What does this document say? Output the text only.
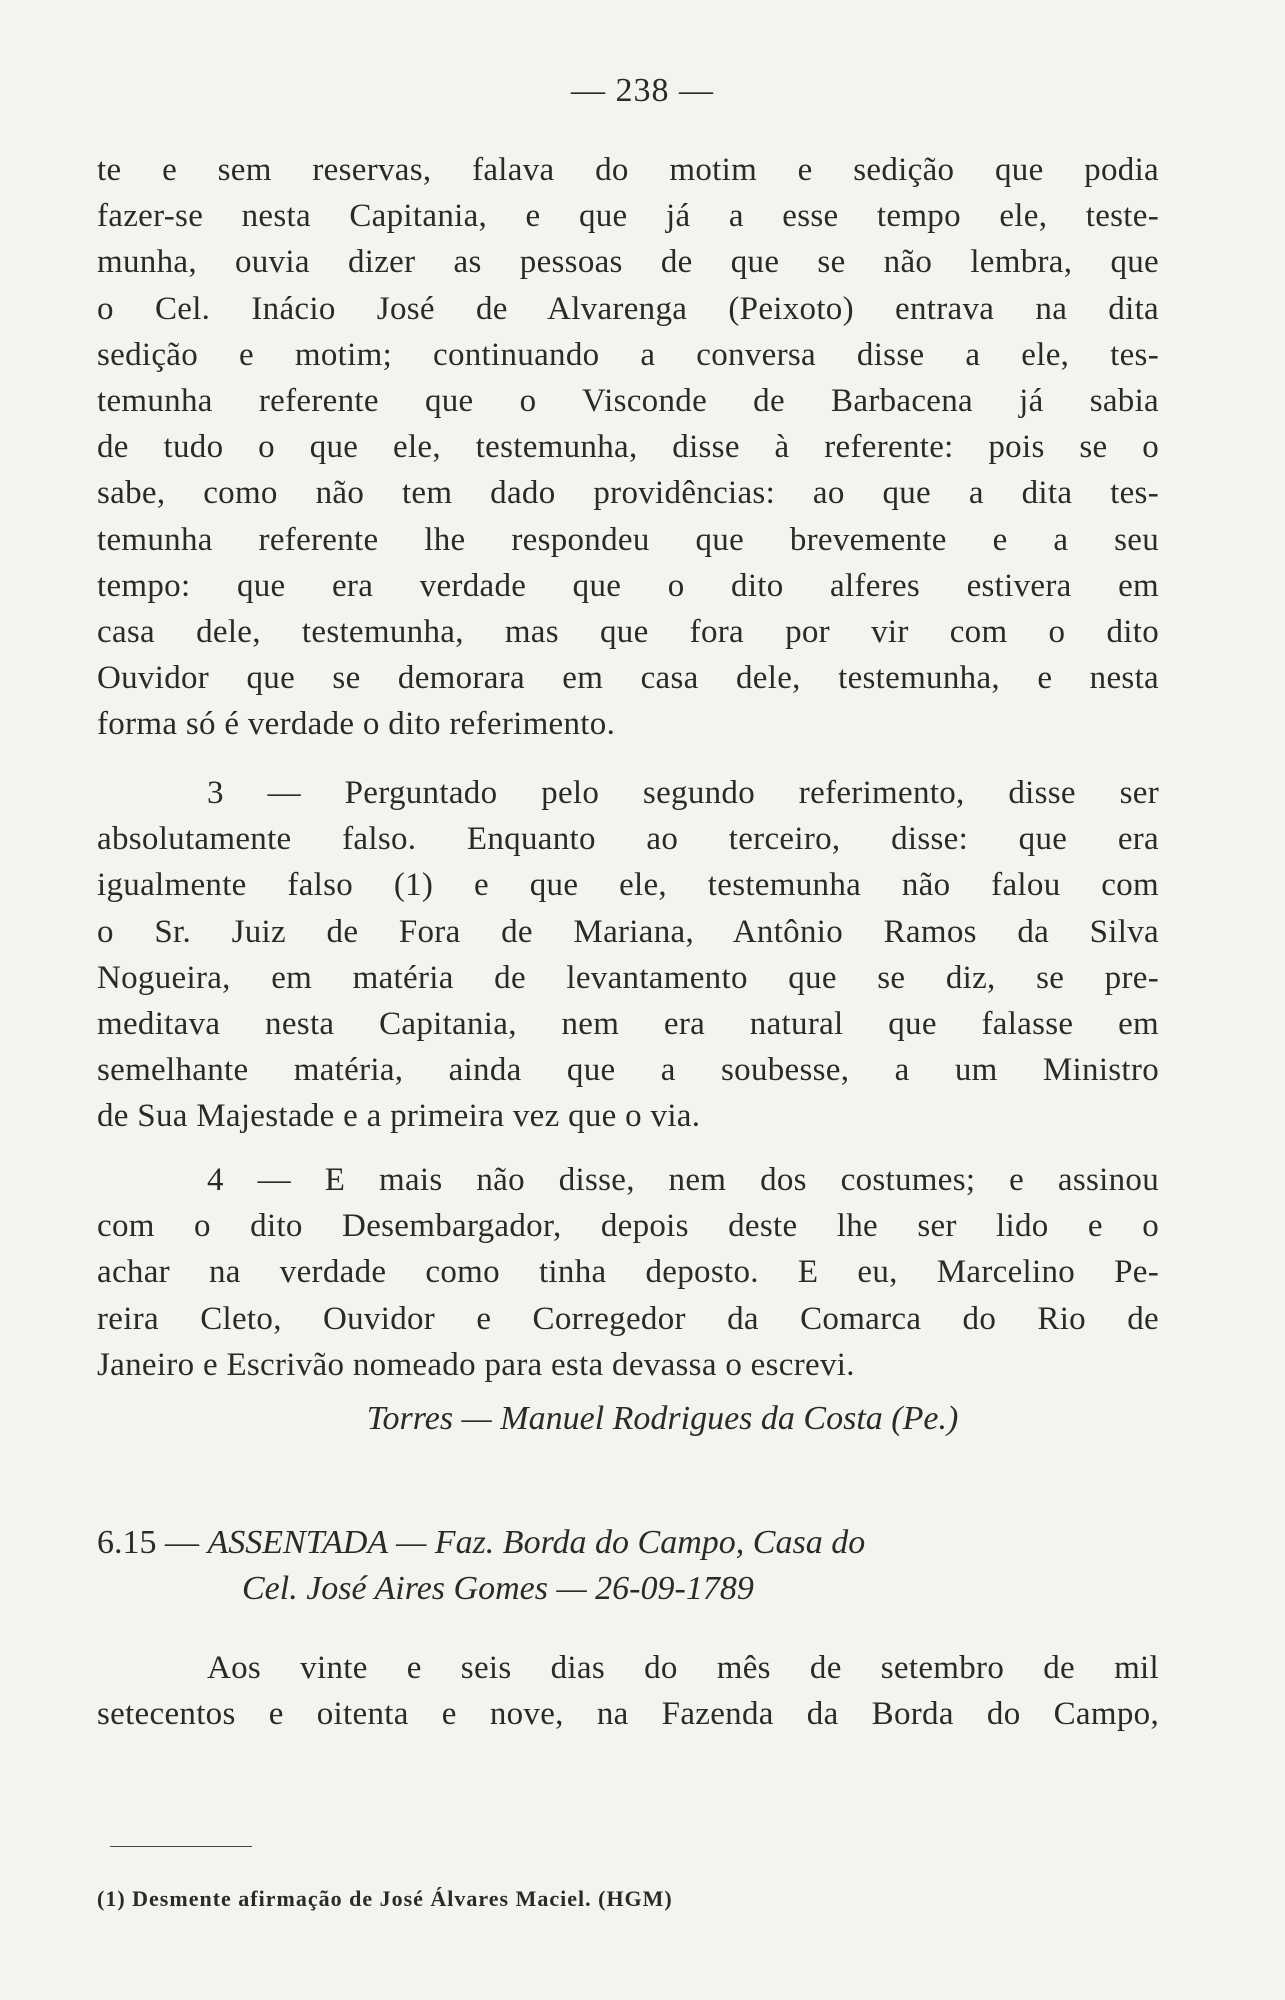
— 238 —
te e sem reservas, falava do motim e sedição que podia
fazer-se nesta Capitania, e que já a esse tempo ele, teste-
munha, ouvia dizer as pessoas de que se não lembra, que
o Cel. Inácio José de Alvarenga (Peixoto) entrava na dita
sedição e motim; continuando a conversa disse a ele, tes-
temunha referente que o Visconde de Barbacena já sabia
de tudo o que ele, testemunha, disse à referente: pois se o
sabe, como não tem dado providências: ao que a dita tes-
temunha referente lhe respondeu que brevemente e a seu
tempo: que era verdade que o dito alferes estivera em
casa dele, testemunha, mas que fora por vir com o dito
Ouvidor que se demorara em casa dele, testemunha, e nesta
forma só é verdade o dito referimento.
3 — Perguntado pelo segundo referimento, disse ser
absolutamente falso. Enquanto ao terceiro, disse: que era
igualmente falso (1) e que ele, testemunha não falou com
o Sr. Juiz de Fora de Mariana, Antônio Ramos da Silva
Nogueira, em matéria de levantamento que se diz, se pre-
meditava nesta Capitania, nem era natural que falasse em
semelhante matéria, ainda que a soubesse, a um Ministro
de Sua Majestade e a primeira vez que o via.
4 — E mais não disse, nem dos costumes; e assinou
com o dito Desembargador, depois deste lhe ser lido e o
achar na verdade como tinha deposto. E eu, Marcelino Pe-
reira Cleto, Ouvidor e Corregedor da Comarca do Rio de
Janeiro e Escrivão nomeado para esta devassa o escrevi.
Torres — Manuel Rodrigues da Costa (Pe.)
6.15 — ASSENTADA — Faz. Borda do Campo, Casa do
Cel. José Aires Gomes — 26-09-1789
Aos vinte e seis dias do mês de setembro de mil
setecentos e oitenta e nove, na Fazenda da Borda do Campo,
(1) Desmente afirmação de José Álvares Maciel. (HGM)
